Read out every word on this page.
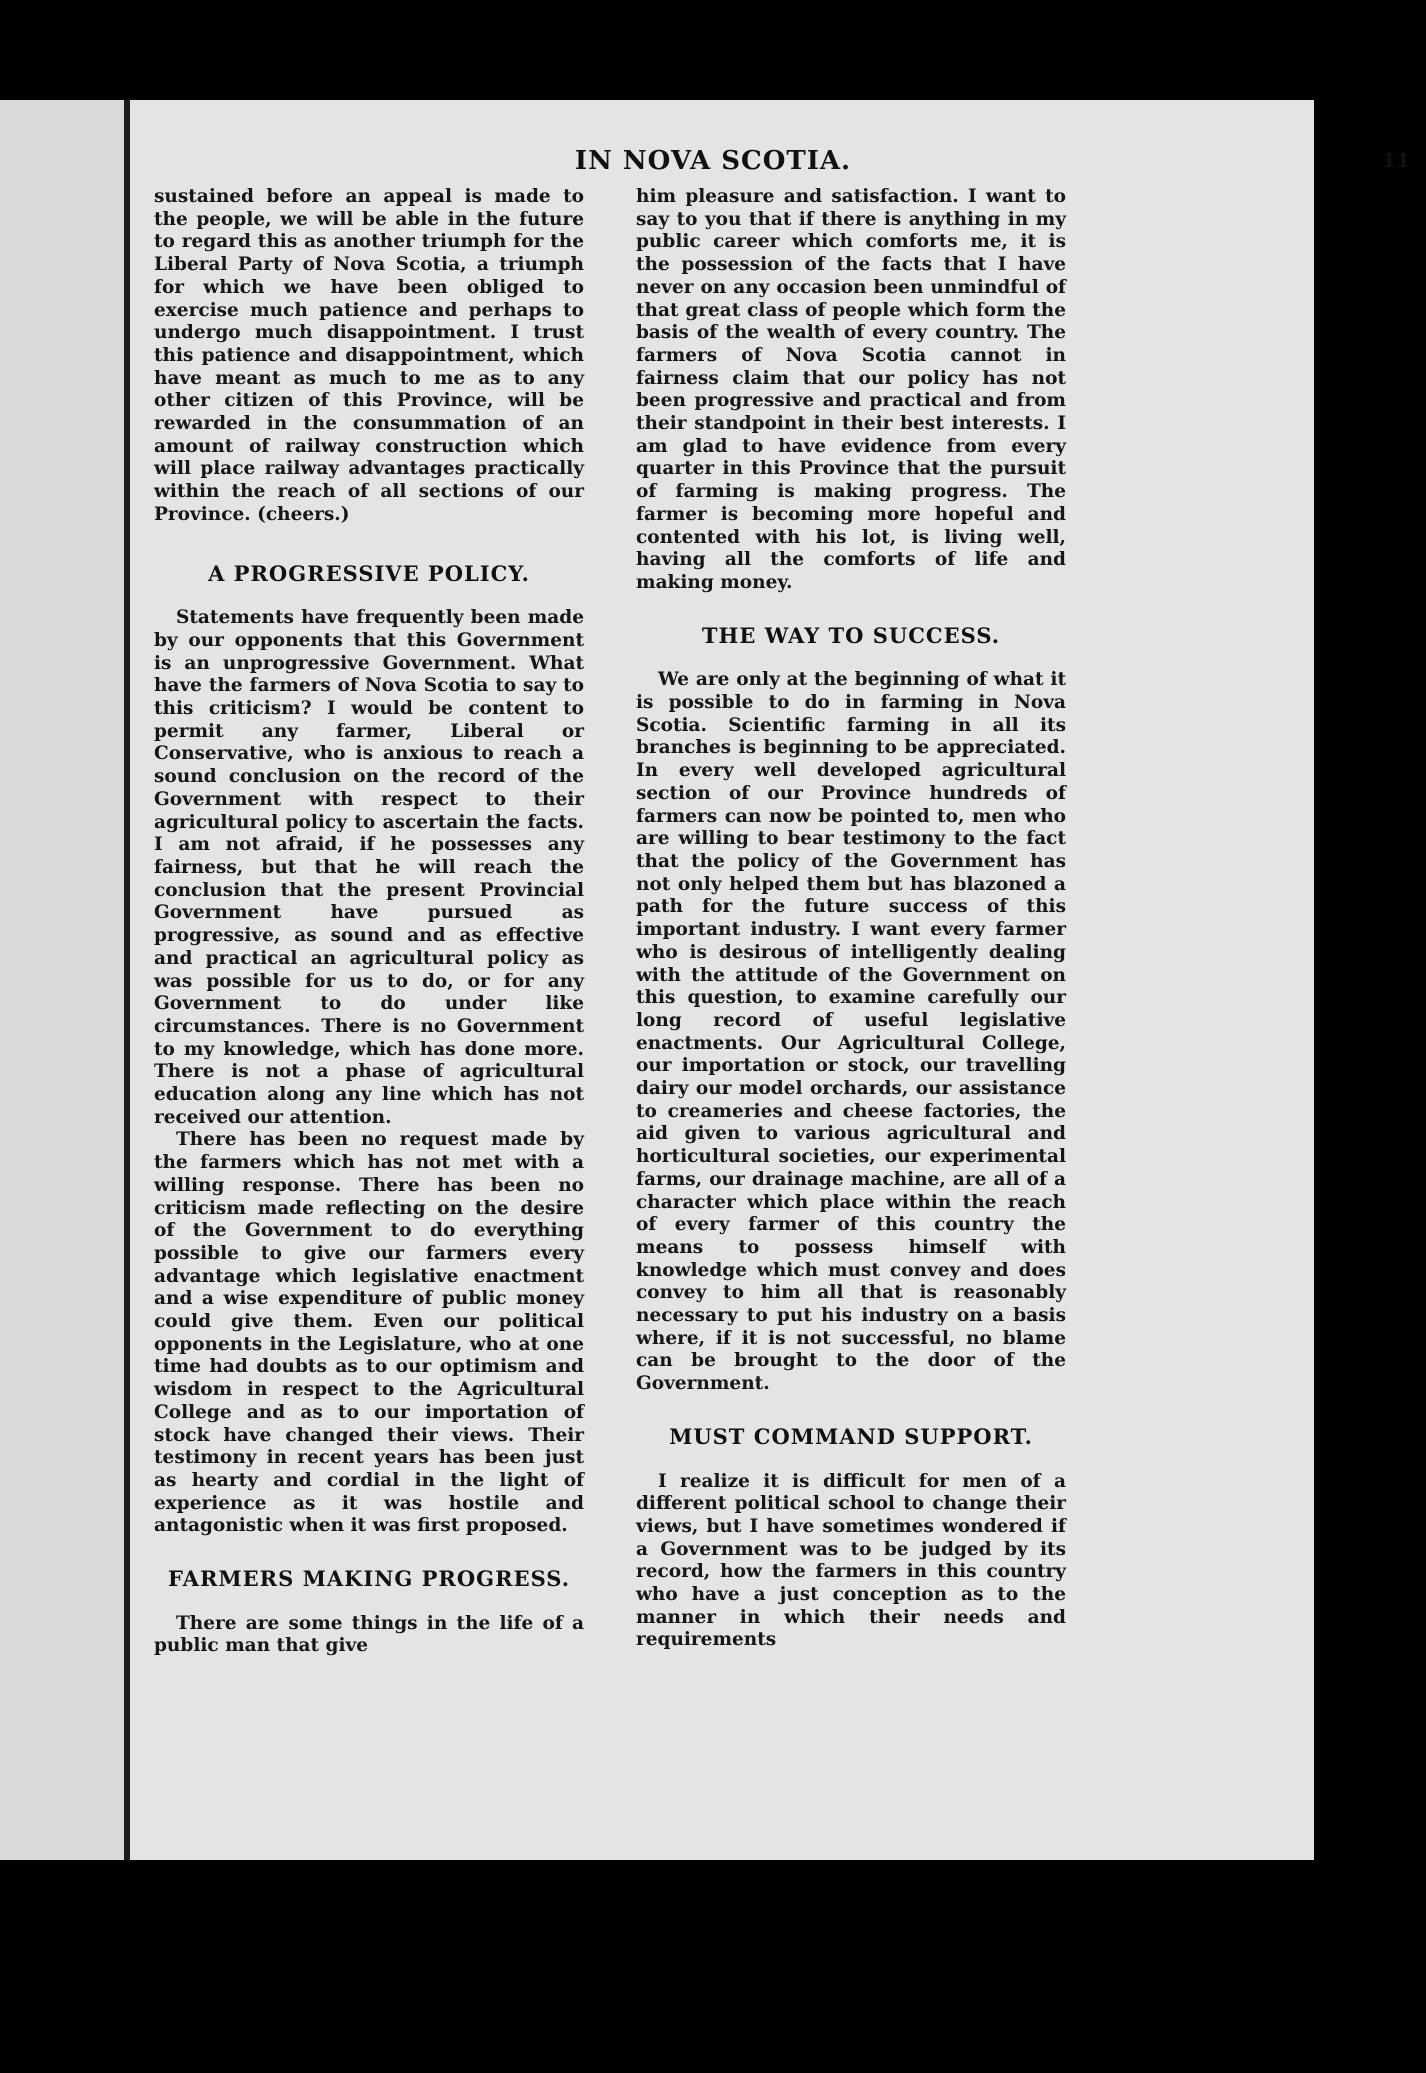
IN NOVA SCOTIA.	11

sustained before an appeal is made to the people, we will be able in the future to regard this as another triumph for the Liberal Party of Nova Scotia, a triumph for which we have been obliged to exercise much patience and perhaps to undergo much disappointment. I trust this patience and disappointment, which have meant as much to me as to any other citizen of this Province, will be rewarded in the consummation of an amount of railway construction which will place railway advantages practically within the reach of all sections of our Province. (cheers.)

A PROGRESSIVE POLICY.

Statements have frequently been made by our opponents that this Government is an unprogressive Government. What have the farmers of Nova Scotia to say to this criticism? I would be content to permit any farmer, Liberal or Conservative, who is anxious to reach a sound conclusion on the record of the Government with respect to their agricultural policy to ascertain the facts. I am not afraid, if he possesses any fairness, but that he will reach the conclusion that the present Provincial Government have pursued as progressive, as sound and as effective and practical an agricultural policy as was possible for us to do, or for any Government to do under like circumstances. There is no Government to my knowledge, which has done more. There is not a phase of agricultural education along any line which has not received our attention.

There has been no request made by the farmers which has not met with a willing response. There has been no criticism made reflecting on the desire of the Government to do everything possible to give our farmers every advantage which legislative enactment and a wise expenditure of public money could give them. Even our political opponents in the Legislature, who at one time had doubts as to our optimism and wisdom in respect to the Agricultural College and as to our importation of stock have changed their views. Their testimony in recent years has been just as hearty and cordial in the light of experience as it was hostile and antagonistic when it was first proposed.

FARMERS MAKING PROGRESS.

There are some things in the life of a public man that give

him pleasure and satisfaction. I want to say to you that if there is anything in my public career which comforts me, it is the possession of the facts that I have never on any occasion been unmindful of that great class of people which form the basis of the wealth of every country. The farmers of Nova Scotia cannot in fairness claim that our policy has not been progressive and practical and from their standpoint in their best interests. I am glad to have evidence from every quarter in this Province that the pursuit of farming is making progress. The farmer is becoming more hopeful and contented with his lot, is living well, having all the comforts of life and making money.

THE WAY TO SUCCESS.

We are only at the beginning of what it is possible to do in farming in Nova Scotia. Scientific farming in all its branches is beginning to be appreciated. In every well developed agricultural section of our Province hundreds of farmers can now be pointed to, men who are willing to bear testimony to the fact that the policy of the Government has not only helped them but has blazoned a path for the future success of this important industry. I want every farmer who is desirous of intelligently dealing with the attitude of the Government on this question, to examine carefully our long record of useful legislative enactments. Our Agricultural College, our importation or stock, our travelling dairy our model orchards, our assistance to creameries and cheese factories, the aid given to various agricultural and horticultural societies, our experimental farms, our drainage machine, are all of a character which place within the reach of every farmer of this country the means to possess himself with knowledge which must convey and does convey to him all that is reasonably necessary to put his industry on a basis where, if it is not successful, no blame can be brought to the door of the Government.

MUST COMMAND SUPPORT.

I realize it is difficult for men of a different political school to change their views, but I have sometimes wondered if a Government was to be judged by its record, how the farmers in this country who have a just conception as to the manner in which their needs and requirements
